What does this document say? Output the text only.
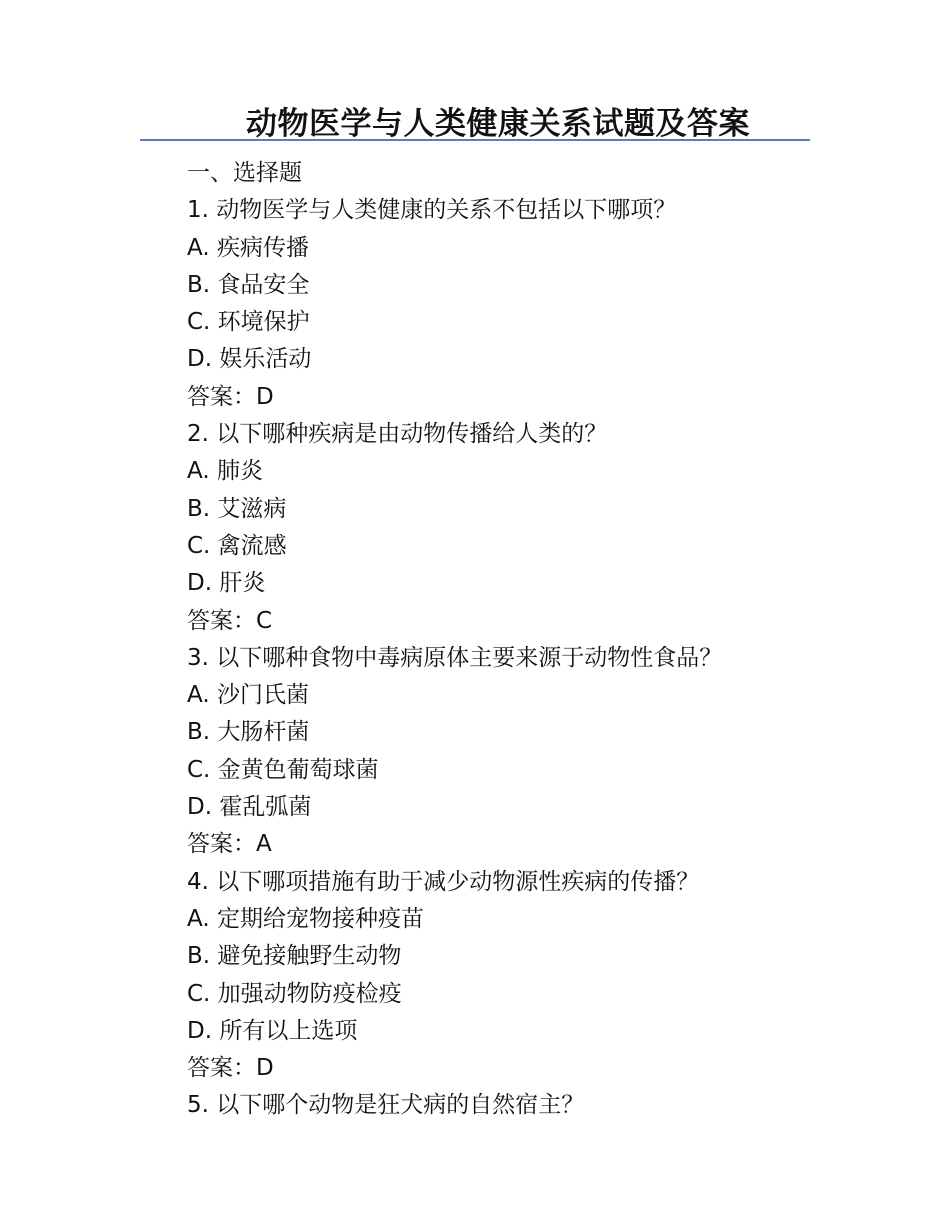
动物医学与人类健康关系试题及答案
一、选择题
1. 动物医学与人类健康的关系不包括以下哪项？
A. 疾病传播
B. 食品安全
C. 环境保护
D. 娱乐活动
答案：D
2. 以下哪种疾病是由动物传播给人类的？
A. 肺炎
B. 艾滋病
C. 禽流感
D. 肝炎
答案：C
3. 以下哪种食物中毒病原体主要来源于动物性食品？
A. 沙门氏菌
B. 大肠杆菌
C. 金黄色葡萄球菌
D. 霍乱弧菌
答案：A
4. 以下哪项措施有助于减少动物源性疾病的传播？
A. 定期给宠物接种疫苗
B. 避免接触野生动物
C. 加强动物防疫检疫
D. 所有以上选项
答案：D
5. 以下哪个动物是狂犬病的自然宿主？
